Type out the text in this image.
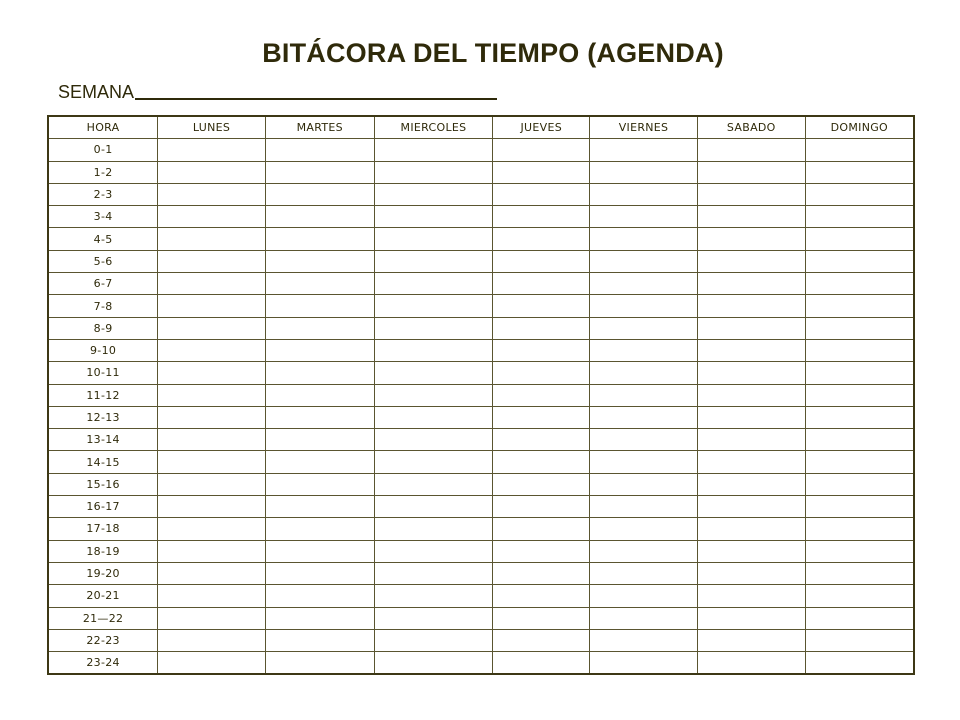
BITÁCORA DEL TIEMPO (AGENDA)
SEMANA
HORA	LUNES	MARTES	MIERCOLES	JUEVES	VIERNES	SABADO	DOMINGO
0-1							
1-2							
2-3							
3-4							
4-5							
5-6							
6-7							
7-8							
8-9							
9-10							
10-11							
11-12							
12-13							
13-14							
14-15							
15-16							
16-17							
17-18							
18-19							
19-20							
20-21							
21—22							
22-23							
23-24							
